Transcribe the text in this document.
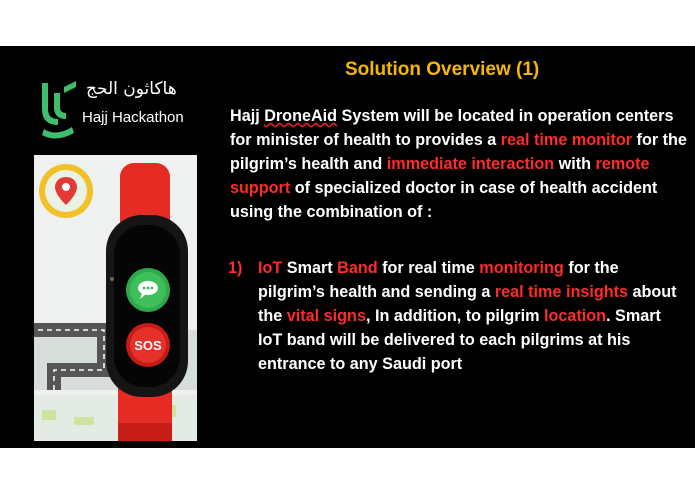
Solution Overview (1)
هاكاثون الحج
Hajj Hackathon
SOS
Hajj DroneAid System will be located in operation centers for minister of health to provides a real time monitor for the pilgrim’s health and immediate interaction with remote support of specialized doctor in case of health accident using the combination of :
1) IoT Smart Band for real time monitoring for the pilgrim’s health and sending a real time insights about the vital signs, In addition, to pilgrim location. Smart IoT band will be delivered to each pilgrims at his entrance to any Saudi port
